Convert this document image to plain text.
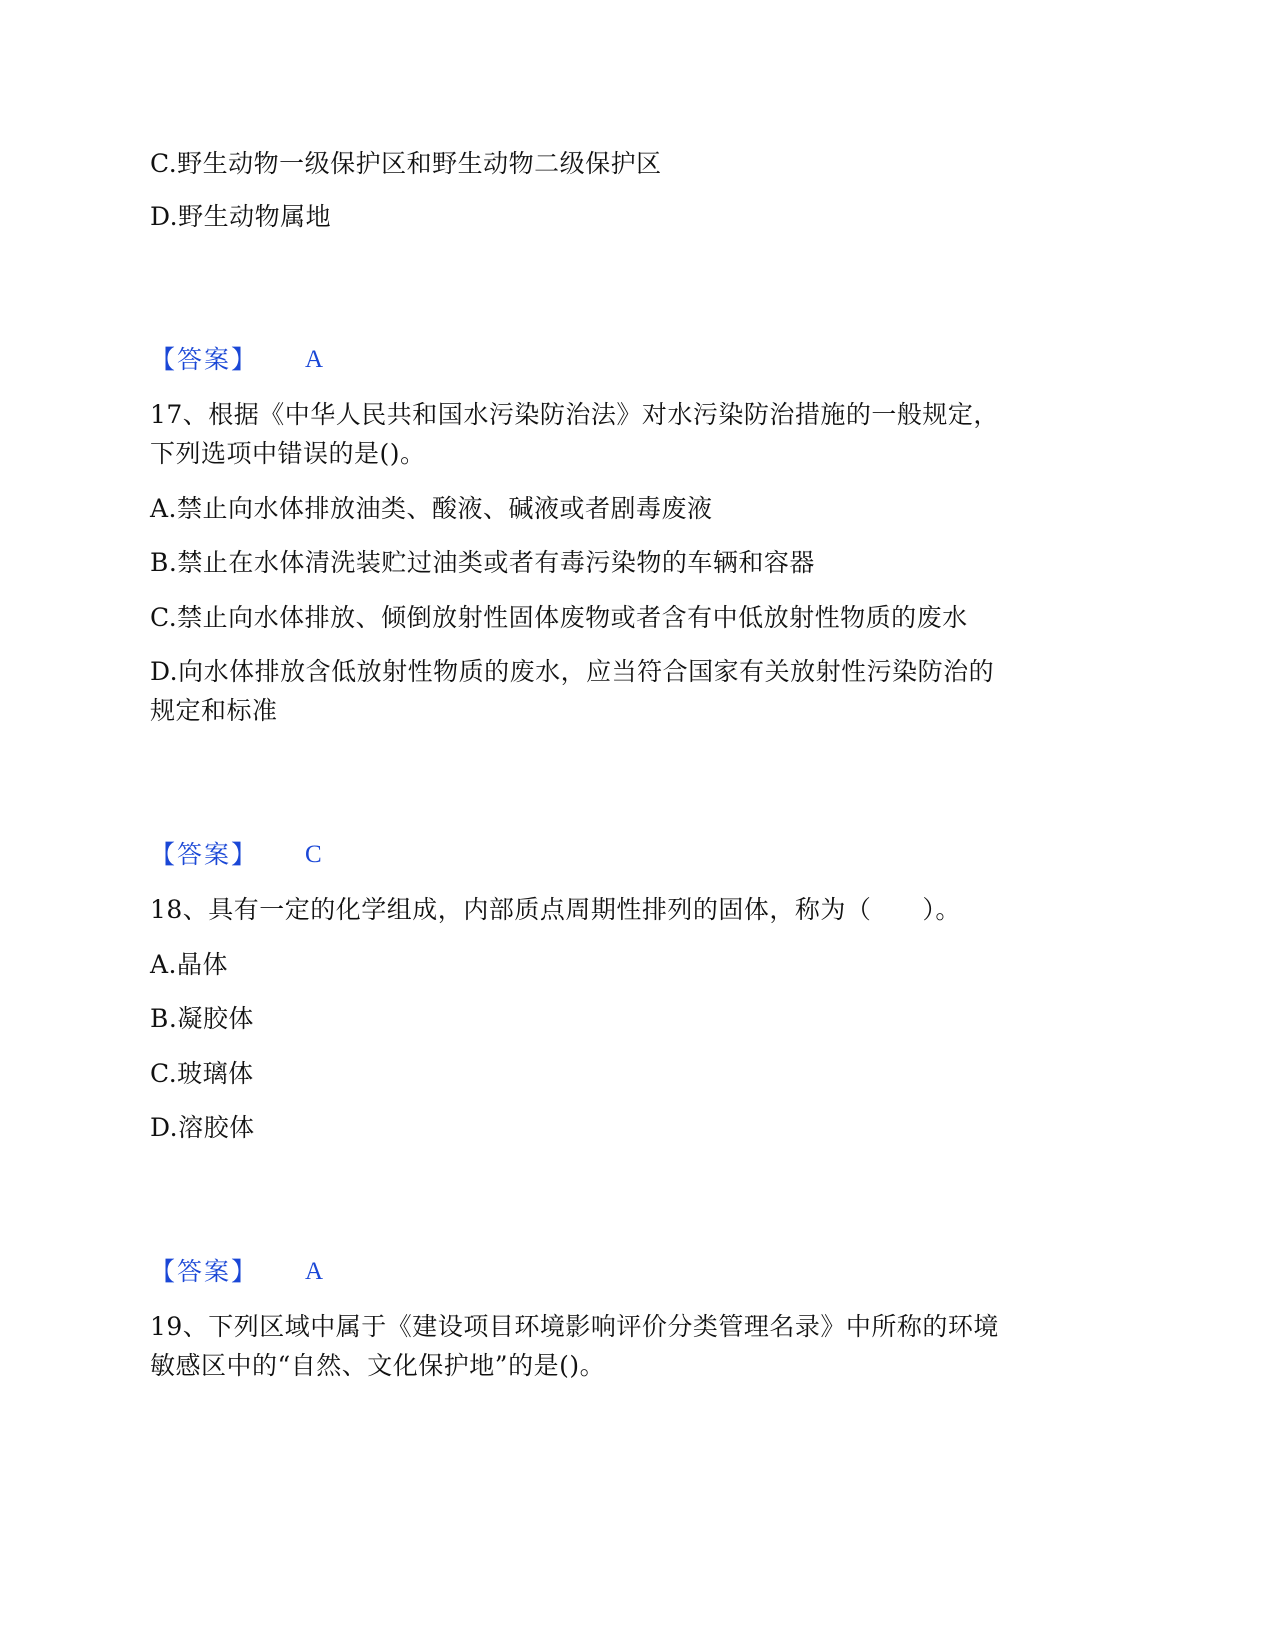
C.野生动物一级保护区和野生动物二级保护区
D.野生动物属地
【答案】 A
17、根据《中华人民共和国水污染防治法》对水污染防治措施的一般规定，
下列选项中错误的是()。
A.禁止向水体排放油类、酸液、碱液或者剧毒废液
B.禁止在水体清洗装贮过油类或者有毒污染物的车辆和容器
C.禁止向水体排放、倾倒放射性固体废物或者含有中低放射性物质的废水
D.向水体排放含低放射性物质的废水，应当符合国家有关放射性污染防治的
规定和标准
【答案】 C
18、具有一定的化学组成，内部质点周期性排列的固体，称为（　　）。
A.晶体
B.凝胶体
C.玻璃体
D.溶胶体
【答案】 A
19、下列区域中属于《建设项目环境影响评价分类管理名录》中所称的环境
敏感区中的“自然、文化保护地”的是()。
